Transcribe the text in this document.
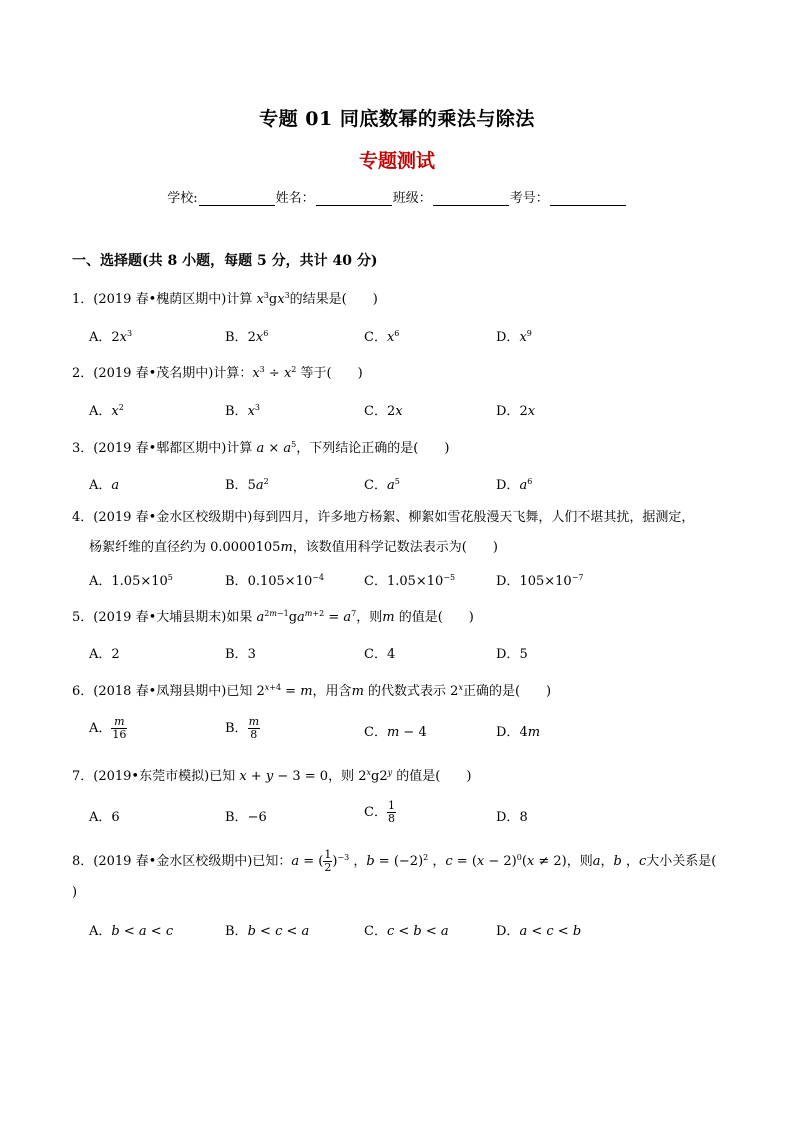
专题 01 同底数幂的乘法与除法
专题测试
学校:	姓名：	班级：	考号：
一、选择题(共 8 小题，每题 5 分，共计 40 分)
1．(2019 春•槐荫区期中)计算 $x^3gx^3$的结果是(　　)
A．$2x^3$	B．$2x^6$	C．$x^6$	D．$x^9$
2．(2019 春•茂名期中)计算：$x^3 \div x^2$ 等于(　　)
A．$x^2$	B．$x^3$	C．2x	D．2x
3．(2019 春•郫都区期中)计算 $a \times a^5$，下列结论正确的是(　　)
A．a	B．$5a^2$	C．$a^5$	D．$a^6$
4．(2019 春•金水区校级期中)每到四月，许多地方杨絮、柳絮如雪花般漫天飞舞，人们不堪其扰，据测定，
杨絮纤维的直径约为 0.0000105m，该数值用科学记数法表示为(　　)
A．$1.05\times 10^5$	B．$0.105\times 10^{-4}$	C．$1.05\times 10^{-5}$	D．$105\times 10^{-7}$
5．(2019 春•大埔县期末)如果 $a^{2m-1}ga^{m+2} = a^7$，则m 的值是(　　)
A．2	B．3	C．4	D．5
6．(2018 春•凤翔县期中)已知 $2^{x+4} = m$，用含m 的代数式表示 2$^x$正确的是(　　)
A． $\frac{m}{16}$	B． $\frac{m}{8}$	C．m − 4	D．4m
7．(2019•东莞市模拟)已知 x + y − 3 = 0，则 2$^x$g2$^y$ 的值是(　　)
A．6	B．−6	C． $\frac{1}{8}$	D．8
8．(2019 春•金水区校级期中)已知：a = ( $\frac{1}{2} )^{-3}$ ，$b = (-2)^2$ ，$c = (x - 2)^0(x \ne 2)$，则a，b ，c大小关系是(
)
A．b < a < c	B．b < c < a	C．c < b < a	D．a < c < b
